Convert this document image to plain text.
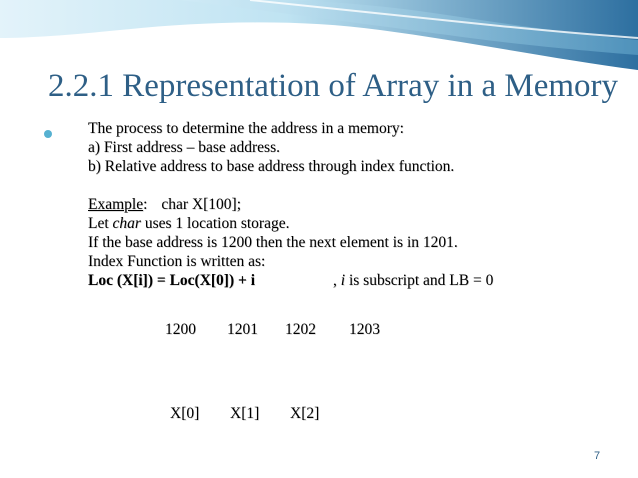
2.2.1 Representation of Array in a Memory
The process to determine the address in a memory:
a) First address – base address.
b) Relative address to base address through index function.
Example: char X[100];
Let char uses 1 location storage.
If the base address is 1200 then the next element is in 1201.
Index Function is written as:
Loc (X[i]) = Loc(X[0]) + i	, i is subscript and LB = 0
1200 1201 1202 1203
X[0] X[1] X[2]
7
